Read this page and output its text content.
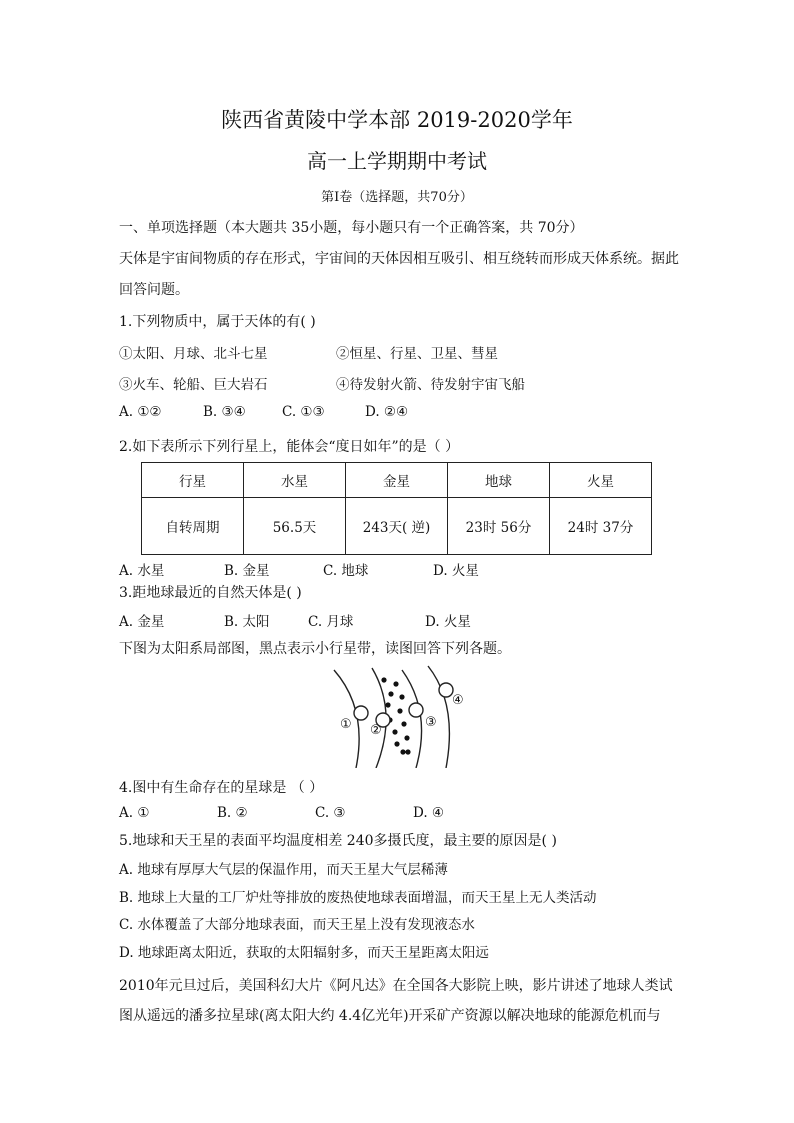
陕西省黄陵中学本部 2019-2020学年
高一上学期期中考试
第Ⅰ卷（选择题，共70分）
一、单项选择题（本大题共 35小题，每小题只有一个正确答案，共 70分）
天体是宇宙间物质的存在形式，宇宙间的天体因相互吸引、相互绕转而形成天体系统。据此
回答问题。
1.下列物质中，属于天体的有( )
①太阳、月球、北斗七星	②恒星、行星、卫星、彗星
③火车、轮船、巨大岩石	④待发射火箭、待发射宇宙飞船
A. ①②	B. ③④	C. ①③	D. ②④
2.如下表所示下列行星上，能体会“度日如年”的是（ ）
行星	水星	金星	地球	火星
自转周期	56.5天	243天( 逆)	23时 56分	24时 37分
A. 水星	B. 金星	C. 地球	D. 火星
3.距地球最近的自然天体是( )
A. 金星	B. 太阳	C. 月球	D. 火星
下图为太阳系局部图，黑点表示小行星带，读图回答下列各题。
① ②
③
④
4.图中有生命存在的星球是 （ ）
A. ①	B. ②	C. ③	D. ④
5.地球和天王星的表面平均温度相差 240多摄氏度，最主要的原因是( )
A. 地球有厚厚大气层的保温作用，而天王星大气层稀薄
B. 地球上大量的工厂炉灶等排放的废热使地球表面增温，而天王星上无人类活动
C. 水体覆盖了大部分地球表面，而天王星上没有发现液态水
D. 地球距离太阳近，获取的太阳辐射多，而天王星距离太阳远
2010年元旦过后，美国科幻大片《阿凡达》在全国各大影院上映，影片讲述了地球人类试
图从遥远的潘多拉星球(离太阳大约 4.4亿光年)开采矿产资源以解决地球的能源危机而与
